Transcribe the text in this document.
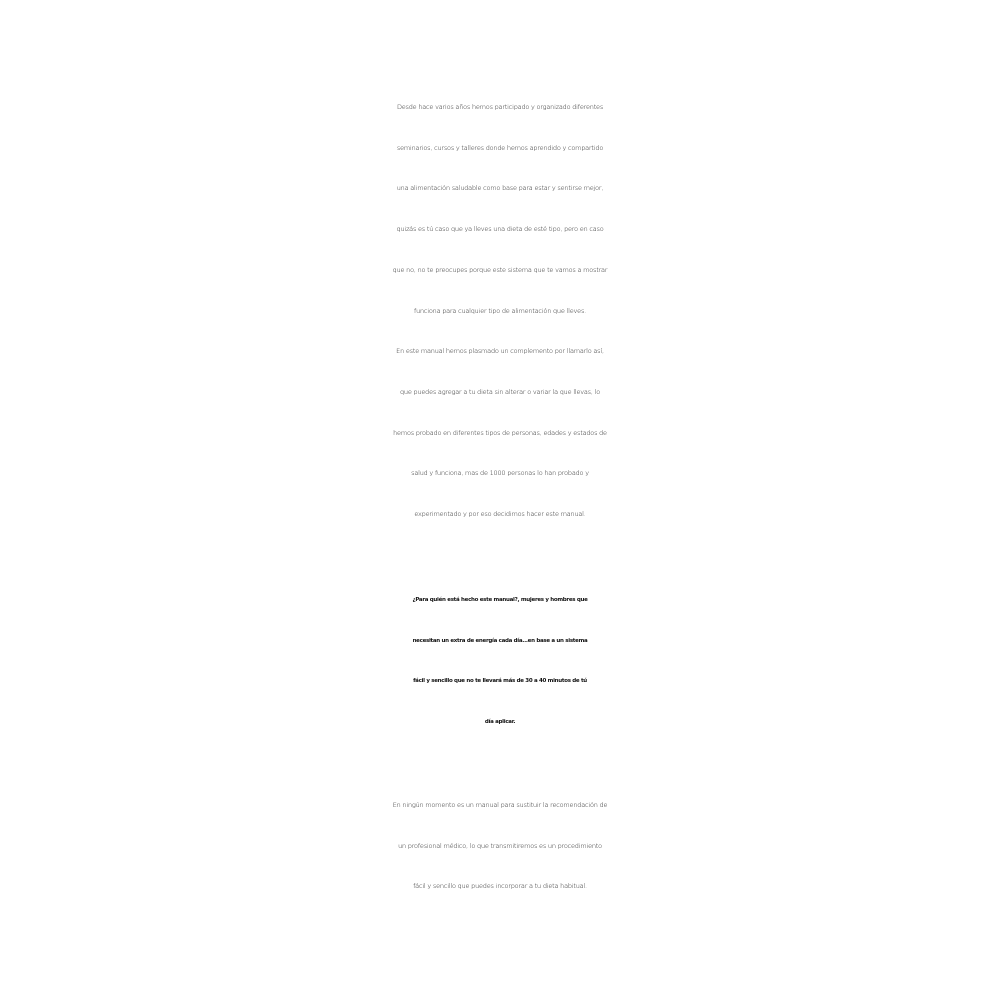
Desde hace varios años hemos participado y organizado diferentes
seminarios, cursos y talleres donde hemos aprendido y compartido
una alimentación saludable como base para estar y sentirse mejor,
quizás es tú caso que ya lleves una dieta de esté tipo, pero en caso
que no, no te preocupes porque este sistema que te vamos a mostrar
funciona para cualquier tipo de alimentación que lleves.
En este manual hemos plasmado un complemento por llamarlo así,
que puedes agregar a tu dieta sin alterar o variar la que llevas, lo
hemos probado en diferentes tipos de personas, edades y estados de
salud y funciona, mas de 1000 personas lo han probado y
experimentado y por eso decidimos hacer este manual.
¿Para quién está hecho este manual?, mujeres y hombres que
necesitan un extra de energía cada día...en base a un sistema
fácil y sencillo que no te llevará más de 30 a 40 minutos de tú
día aplicar.
En ningún momento es un manual para sustituir la recomendación de
un profesional médico, lo que transmitiremos es un procedimiento
fácil y sencillo que puedes incorporar a tu dieta habitual.
